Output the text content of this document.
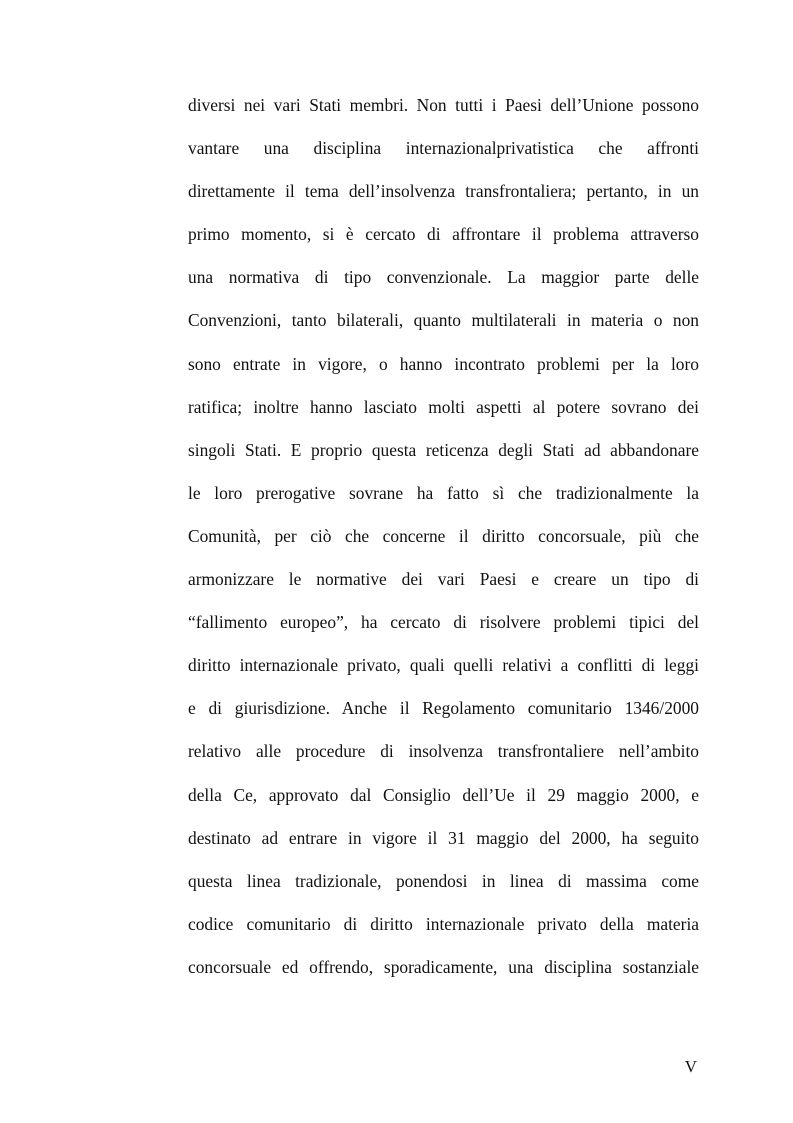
diversi nei vari Stati membri. Non tutti i Paesi dell’Unione possono
vantare una disciplina internazionalprivatistica che affronti
direttamente il tema dell’insolvenza transfrontaliera; pertanto, in un
primo momento, si è cercato di affrontare il problema attraverso
una normativa di tipo convenzionale. La maggior parte delle
Convenzioni, tanto bilaterali, quanto multilaterali in materia o non
sono entrate in vigore, o hanno incontrato problemi per la loro
ratifica; inoltre hanno lasciato molti aspetti al potere sovrano dei
singoli Stati. E proprio questa reticenza degli Stati ad abbandonare
le loro prerogative sovrane ha fatto sì che tradizionalmente la
Comunità, per ciò che concerne il diritto concorsuale, più che
armonizzare le normative dei vari Paesi e creare un tipo di
“fallimento europeo”, ha cercato di risolvere problemi tipici del
diritto internazionale privato, quali quelli relativi a conflitti di leggi
e di giurisdizione. Anche il Regolamento comunitario 1346/2000
relativo alle procedure di insolvenza transfrontaliere nell’ambito
della Ce, approvato dal Consiglio dell’Ue il 29 maggio 2000, e
destinato ad entrare in vigore il 31 maggio del 2000, ha seguito
questa linea tradizionale, ponendosi in linea di massima come
codice comunitario di diritto internazionale privato della materia
concorsuale ed offrendo, sporadicamente, una disciplina sostanziale
V
